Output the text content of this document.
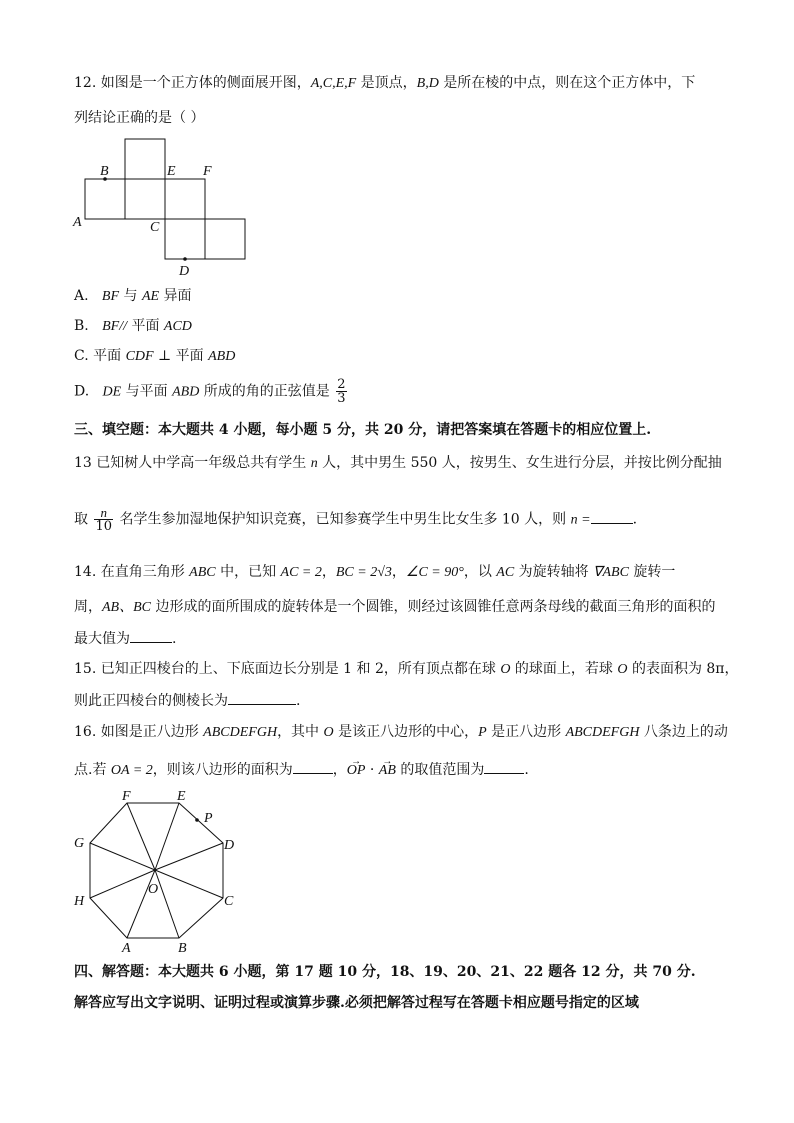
12. 如图是一个正方体的侧面展开图，A,C,E,F 是顶点，B,D 是所在棱的中点，则在这个正方体中，下
列结论正确的是（ ）
B	E F
A	C
D
A. BF 与 AE 异面
B. BF// 平面 ACD
C. 平面 CDF ⊥ 平面 ABD
D. DE 与平面 ABD 所成的角的正弦值是 $\frac{2}{3}$
三、填空题：本大题共 4 小题，每小题 5 分，共 20 分，请把答案填在答题卡的相应位置上.
13 已知树人中学高一年级总共有学生 n 人，其中男生 550 人，按男生、女生进行分层，并按比例分配抽
取 $\frac{n}{10}$ 名学生参加湿地保护知识竞赛，已知参赛学生中男生比女生多 10 人，则 n =	.
14. 在直角三角形 ABC 中，已知 AC = 2，BC = 2√3，∠C = 90°，以 AC 为旋转轴将 ∇ABC 旋转一
周，AB、BC 边形成的面所围成的旋转体是一个圆锥，则经过该圆锥任意两条母线的截面三角形的面积的
最大值为	.
15. 已知正四棱台的上、下底面边长分别是 1 和 2，所有顶点都在球 O 的球面上，若球 O 的表面积为 8π，
则此正四棱台的侧棱长为	.
16. 如图是正八边形 ABCDEFGH，其中 O 是该正八边形的中心，P 是正八边形 ABCDEFGH 八条边上的动
点.若 OA = 2，则该八边形的面积为	，→ OP · → AB 的取值范围为	.
F	E
P
G	D
O
H	C
A	B
四、解答题：本大题共 6 小题，第 17 题 10 分，18、19、20、21、22 题各 12 分，共 70 分.
解答应写出文字说明、证明过程或演算步骤.必须把解答过程写在答题卡相应题号指定的区域
